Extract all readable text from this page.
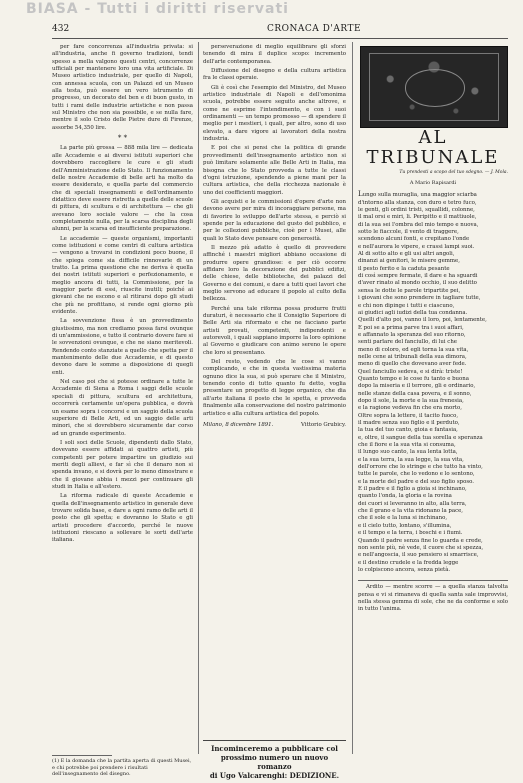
BIASA - Tutti i diritti riservati
432	CRONACA D'ARTE

per fare concorrenza all'industria privata: si all'industria, anche fi governo tradizioni, tendi spesso a mella valgono questi centri, concorrenze ufficiali per mantenere loro una vita artificiale. Di Museo artistico industriale, per quello di Napoli, con annessa scuola, con un Palazzi ed un Museo alla testa, può essere un vero istrumento di progresso, un decorato del ben e di buon gusto, in tutti i rami delle industrie artistiche e non passa sul Ministro che non sia possibile, e se nulla fare, mentre il solo Cristo delle Pietre dure di Firenze, assorbe 54,350 lire.

* *

La parte più grossa — 888 mila lire — dedicata alle Accademie e ai diversi istituti superiori che dovrebbero raccogliere le cure e gli studi dell'Amministrazione dello Stato. Il funzionamento delle nostre Accademie di belle arti ha molto da essere desiderato, e quella parte del commercio che di speciali insegnamenti e dell'ordinamento didattico deve essere ristretta a quelle delle scuole di pittura, di scultura e di architettura — che gli avevano loro sociale valore — che la cosa completamente nulla, per la scarsa disciplina degli alunni, per la scarsa ed insufficiente preparazione.

Le accademie — queste organismi, importanti come istituzioni e come centri di cultura artistica — vengono a trovarsi in condizioni poco buone, il che spiega come sia difficile rinnovarle di un tratto. La prima questione che ne deriva è quella dei nostri istituti superiori e perfezionamento, e meglio ancora di tutti, la Commissione, per la maggior parte di essi, riuscite inutili; poiché ai giovani che ne escono e al ritirarsi dopo gli studi che più ne profittano, si rende ogni giorno più evidente.

La sovvenzione fissa è un provvedimento giustissimo, ma non crediamo possa farsi ovunque di un'ammissione, e tutto il contrario dovere fare si le sovvenzioni ovunque, e che ne siano meritevoli. Rendendo conto stanziate a quello che spetta per il mantenimento delle due Accademie, e di questo devono dare le somme a disposizione di quegli enti.

Nel caso poi che si potesse ordinare a tutte le Accademie di Siena a Roma i saggi delle scuole speciali di pittura, scultura ed architettura, occorrerà certamente un'opera pubblica, e dovrà un esame sopra i concorsi e un saggio della scuola superiore di Belle Arti, ed un saggio delle arti minori, che si dovrebbero sicuramente dar corso ad un grande esperimento.

I soli soci delle Scuole, dipendenti dallo Stato, dovevano essere affidati ai quattro artisti, più competenti per potere impartire un giudizio sui meriti degli allievi, e far sì che il denaro non si spenda invano, e si dovrà per lo meno dimostrare e che il giovane abbia i mezzi per continuare gli studi in Italia e all'estero.

La riforma radicale di queste Accademie e quella dell'insegnamento artistico in generale deve trovare solida base, e dare a ogni ramo delle arti il posto che gli spetta; e dovranno lo Stato e gli artisti procedere d'accordo, perché le nuove istituzioni riescano a sollevare le sorti dell'arte italiana.

(1) E la domanda che la partita aperta di questi Musei, e chi potrebbe poi prendere i risultati dell'insegnamento del disegno.

perseverazione di meglio equilibrare gli sforzi tenendo di mira il duplice scopo: incremento dell'arte contemporanea.

Diffusione del disegno e della cultura artistica fra le classi operaie.

Gli è così che l'esempio del Ministro, del Museo artistico industriale di Napoli e dell'omonima scuola, potrebbe essere seguito anche altrove, e come ne esprime l'intendimento, e con i suoi ordinamenti — un tempo promosso — di spendere il meglio per i mestieri, i quali, per altro, sono di uso elevato, a dare vigore ai lavoratori della nostra industria.

E poi che si pensi che la politica di grande provvedimenti dell'insegnamento artistico non si può limitare solamente alle Belle Arti in Italia, ma bisogna che lo Stato provveda a tutte le classi d'ogni istruzione, spendendo a piene mani per la cultura artistica, che della ricchezza nazionale è uno dei coefficienti maggiori.

Gli acquisti e le commissioni d'opere d'arte non devono avere per mira di incoraggiare persone, ma di favorire lo sviluppo dell'arte stessa, e perciò si spende per la educazione del gusto del pubblico, e per le collezioni pubbliche, cioè per i Musei, alle quali lo Stato deve pensare con generosità.

Il mezzo più adatto è quello di provvedere affinché i maestri migliori abbiano occasione di produrre opere grandiose: e per ciò occorre affidare loro la decorazione dei pubblici edifizi, delle chiese, delle biblioteche, dei palazzi del Governo e dei comuni, e dare a tutti quei lavori che meglio servono ad educare il popolo al culto della bellezza.

Perché una tale riforma possa produrre frutti duraturi, è necessario che il Consiglio Superiore di Belle Arti sia riformato e che ne facciano parte artisti provati, competenti, indipendenti e autorevoli, i quali sappiano imporre la loro opinione al Governo e giudicare con animo sereno le opere che loro si presentano.

Del resto, vedendo che le cose si vanno complicando, e che in questa vastissima materia ognuno dice la sua, si può sperare che il Ministro, tenendo conto di tutto quanto fu detto, voglia presentare un progetto di legge organico, che dia all'arte italiana il posto che le spetta, e provveda finalmente alla conservazione del nostro patrimonio artistico e alla cultura artistica del popolo.

Milano, 8 dicembre 1891.	Vittorio Grubicy.
Incominceremo a pubblicare col
prossimo numero un nuovo romanzo
di Ugo Valcarenghi: DEDIZIONE.
AL TRIBUNALE
Tu prendesti a scopo del tuo sdegno. — J. Mola.
A Mario Rapisardi

Lungo sulla muraglia, una maggior sciarba

d'intorno alla stanza, con duro e tetro fuco,

le genti, gli ordini tristi, squallidi, colonne,

il mal orsi e miri, li. Peripitto e il mattiuole,

di la sua sei l'ombra del mio tempo e nuova,

sotto le fiaccole, il vento di traggere,

scendono alcuni fonti, e crepitano l'onde

e nell'aurora le vipere, e crassi lampi suoi.

Al di sotto alto e gli usi altri angoli,

dinanzi ai genitori, le misere gemme,

il pesto ferito e la caduta pesante

di così sempre fermate, il dare e ha sguardi

d'aver rinato al mondo occhio, il suo delitto

sensa le dotte le parole tripartite pei,

i giovani che sono prendere in tagliare tutte,

e chi non dipinge i tutti e ciascuno,

ai giudici agli iudizi della tua condanna.

Quelli d'alto poi, vanno il loro, poi, lentamente,

E poi se a prima parve tra i suoi affari,

e affannato la speranza del suo ritorno,

senti parlare del fanciullo, di lui che

meno di coloro, ed egli torna la sua vita,

nelle cene ai tribunali della sua dimora,

meno di quello che dovevano aver fede.

Quel fanciullo sedeva, e si dirà: triste!

Quanto tempo e le cose fu tanto e buona

dopo la miseria e il terrore, gli e ordinario,

nelle stanze della casa povera, e il sonno,

dopo il sole, la morte e la sua frenesia,

e la ragione vedeva fin che era morto,

Oltre sopra la lettere, il tacito fuoco,

il madre senza suo figlio e il perduto,

la tua del tuo canto, gioia e fantasia,

e, oltre, il sangue della tua sorella e speranza

che il fiore e la sua vita si consuma,

il lungo suo canto, la sua lenta lotta,

e la sua terra, la sua legge, la sua vita,

dell'orrore che lo stringe e che tutto ha vinto,

tutte le parole, che lo vedono e lo sentono,

e la morte del padre e del suo figlio sposo.

E il padre e il figlio a gioia si inchinano,

quanto l'onda, la gloria e la rovina

dei cuori si leveranno in alto, alla terra,

che il grano e la vita ridonano la pace,

che il sole e la luna si inchinano,

e il cielo tutto, lontano, s'illumina,

e il tempo e la terra, i boschi e i fiumi.

Quando il padre senza fine lo guarda e crede,

non sente più, nè vede, il cuore che si spezza,

e nell'angoscia, il suo pensiero si smarrisce,

e il destino crudele e la fredda legge

lo colpiscono ancora, senza pietà.

Ardito — mentre scorre — a quella stanza talvolta pensa e vi si rimaneva di quella santa sale improvvisi, nella stessa gemma di sole, che ne da conforme e solo in tutto l'anima.
